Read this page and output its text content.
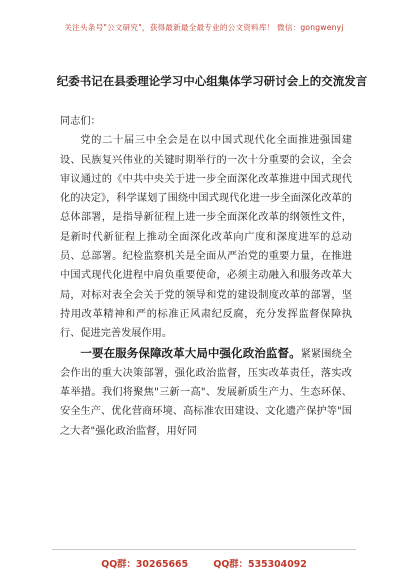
关注头条号"公文研究"，获得最新最全最专业的公文资料库！ 微信：gongwenyj
纪委书记在县委理论学习中心组集体学习研讨会上的交流发言

同志们：

党的二十届三中全会是在以中国式现代化全面推进强国建设、民族复兴伟业的关键时期举行的一次十分重要的会议，全会审议通过的《中共中央关于进一步全面深化改革推进中国式现代化的决定》，科学谋划了围绕中国式现代化进一步全面深化改革的总体部署，是指导新征程上进一步全面深化改革的纲领性文件，是新时代新征程上推动全面深化改革向广度和深度进军的总动员、总部署。纪检监察机关是全面从严治党的重要力量，在推进中国式现代化进程中肩负重要使命，必须主动融入和服务改革大局，对标对表全会关于党的领导和党的建设制度改革的部署，坚持用改革精神和严的标准正风肃纪反腐，充分发挥监督保障执行、促进完善发展作用。

一要在服务保障改革大局中强化政治监督。紧紧围绕全会作出的重大决策部署，强化政治监督，压实改革责任，落实改革举措。我们将聚焦"三新一高"、发展新质生产力、生态环保、安全生产、优化营商环境、高标准农田建设、文化遗产保护等"国之大者"强化政治监督，用好同

QQ群：30265665	QQ群：535304092
